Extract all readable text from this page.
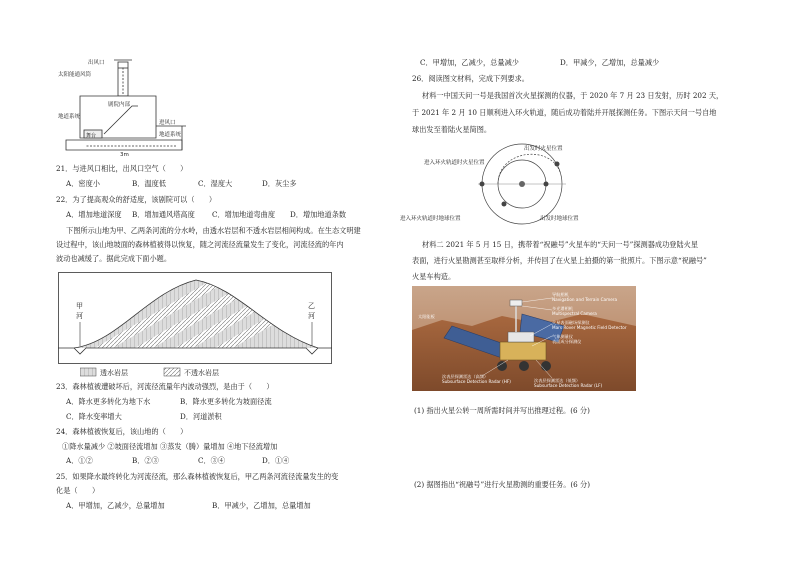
出风口
太阳能通风筒
剧院内部
地道系统
舞台
进风口
地道系统
3m
21．与进风口相比，出风口空气（　　）
A．密度小	B．温度低	C．湿度大	D．灰尘多
22．为了提高观众的舒适度，该剧院可以（　　）
A．增加地道深度 B．增加通风塔高度 C．增加地道弯曲度 D．增加地道条数
下图所示山地为甲、乙两条河流的分水岭，由透水岩层和不透水岩层相间构成。在生态文明建
设过程中，该山地坡面的森林植被得以恢复，随之河流径流量发生了变化，河流径流的年内
波动也减缓了。据此完成下面小题。
甲
河
乙
河
透水岩层	不透水岩层
23．森林植被遭破坏后，河流径流量年内波动强烈，是由于（　　）
A．降水更多转化为地下水	B．降水更多转化为坡面径流
C．降水变率增大	D．河道淤积
24．森林植被恢复后，该山地的（　　）
①降水量减少 ②坡面径流增加 ③蒸发（腾）量增加 ④地下径流增加
A．①②	B．②③	C．③④	D．①④
25．如果降水最终转化为河流径流，那么森林植被恢复后，甲乙两条河流径流量发生的变
化是（　　）
A．甲增加，乙减少，总量增加	B．甲减少，乙增加，总量增加
C．甲增加，乙减少，总量减少	D．甲减少，乙增加，总量减少
26．阅读图文材料，完成下列要求。
材料一中国天问一号是我国首次火星探测的仪器，于 2020 年 7 月 23 日发射，历时 202 天，
于 2021 年 2 月 10 日顺利进入环火轨道，随后成功着陆并开展探测任务。下图示天问一号自地
球出发至着陆火星简图。
进入环火轨道时火星位置
出发时火星位置
进入环火轨道时地球位置	出发时地球位置
材料二 2021 年 5 月 15 日，携带着“祝融号”火星车的“天问一号”探测器成功登陆火星
表面，进行火星勘测甚至取样分析，并传回了在火星上拍摄的第一批照片。下图示意“祝融号”
火星车构造。
导航相机
Navigation and Terrain Camera
多光谱相机
Multispectral Camera
火星表面磁场探测仪
Mars Rover Magnetic Field Detector
气象测量仪
表面成分探测仪
太阳能板
次表层探测雷达（高频）
Subsurface Detection Radar (HF)	次表层探测雷达（低频）
Subsurface Detection Radar (LF)
(1) 指出火星公转一周所需时间并写出推理过程。(6 分)
(2) 据图指出“祝融号”进行火星勘测的重要任务。(6 分)
